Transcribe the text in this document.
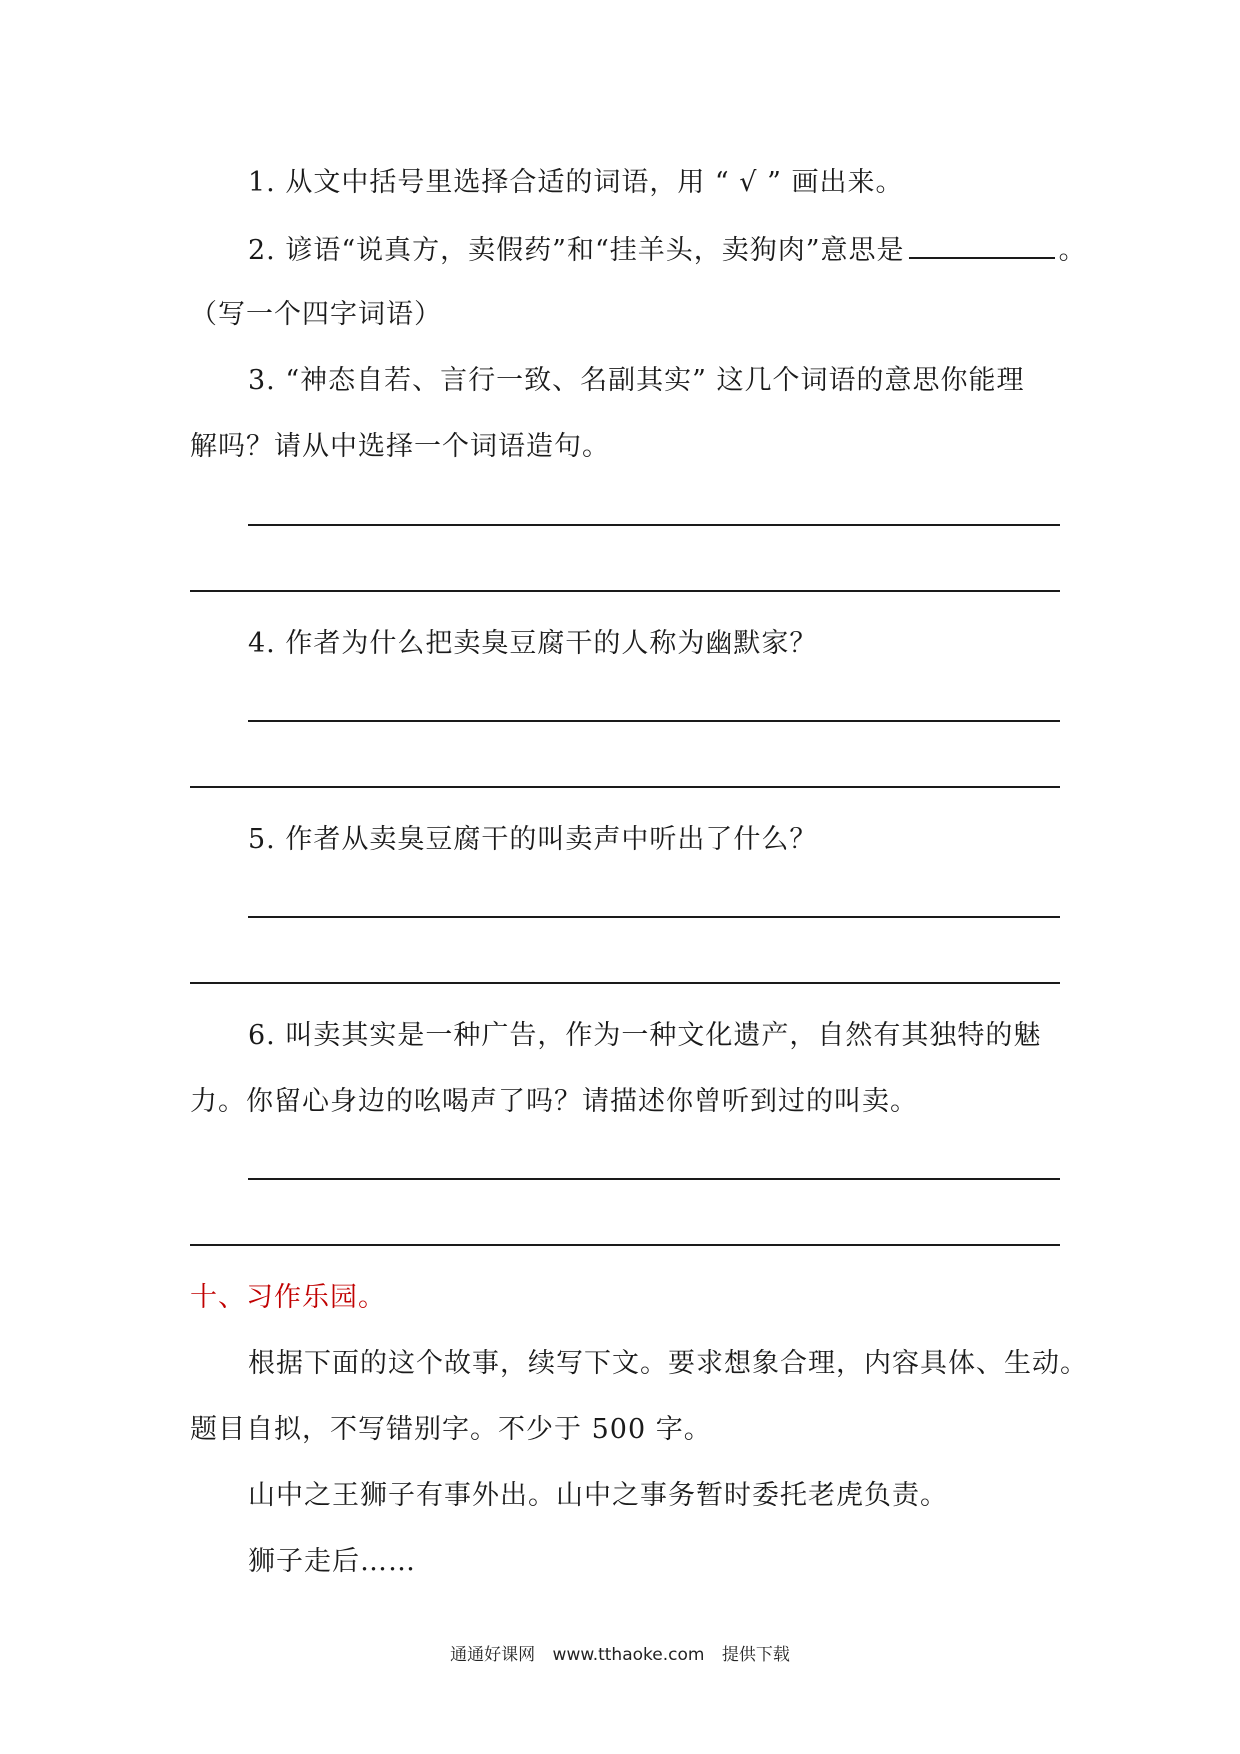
1. 从文中括号里选择合适的词语，用 “ √ ” 画出来。
2. 谚语“说真方，卖假药”和“挂羊头，卖狗肉”意思是	。
（写一个四字词语）
3. “神态自若、言行一致、名副其实” 这几个词语的意思你能理
解吗？请从中选择一个词语造句。
4. 作者为什么把卖臭豆腐干的人称为幽默家？
5. 作者从卖臭豆腐干的叫卖声中听出了什么？
6. 叫卖其实是一种广告，作为一种文化遗产，自然有其独特的魅
力。你留心身边的吆喝声了吗？请描述你曾听到过的叫卖。
十、习作乐园。
根据下面的这个故事，续写下文。要求想象合理，内容具体、生动。
题目自拟，不写错别字。不少于 500 字。
山中之王狮子有事外出。山中之事务暂时委托老虎负责。
狮子走后……
通通好课网 www.tthaoke.com 提供下载
